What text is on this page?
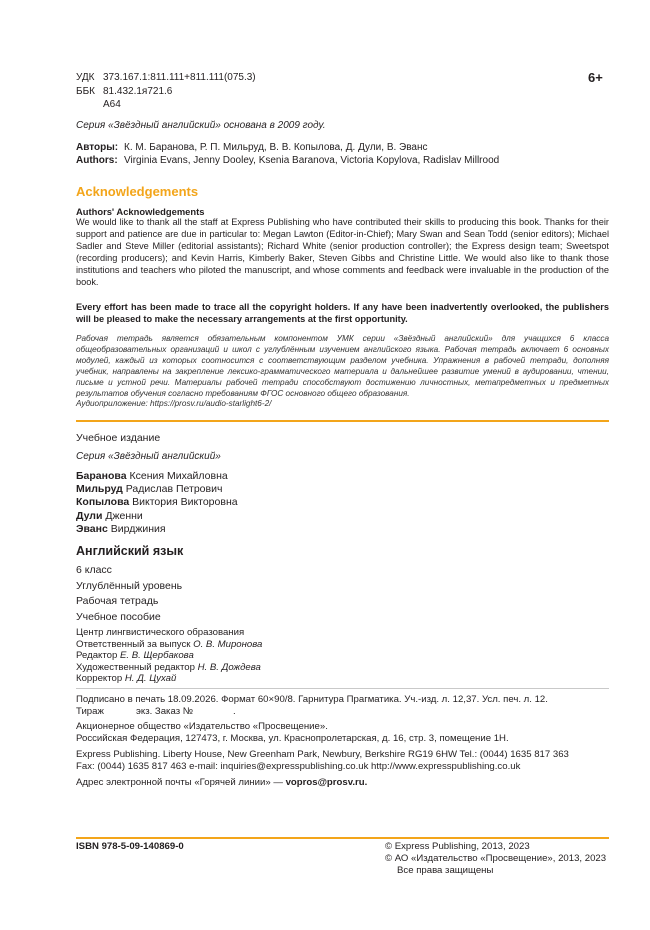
УДК 373.167.1:811.111+811.111(075.3)
ББК 81.432.1я721.6
А64
6+
Серия «Звёздный английский» основана в 2009 году.
Авторы: К. М. Баранова, Р. П. Мильруд, В. В. Копылова, Д. Дули, В. Эванс
Authors: Virginia Evans, Jenny Dooley, Ksenia Baranova, Victoria Kopylova, Radislav Millrood
Acknowledgements
Authors' Acknowledgements
We would like to thank all the staff at Express Publishing who have contributed their skills to producing this book. Thanks for their support and patience are due in particular to: Megan Lawton (Editor-in-Chief); Mary Swan and Sean Todd (senior editors); Michael Sadler and Steve Miller (editorial assistants); Richard White (senior production controller); the Express design team; Sweetspot (recording producers); and Kevin Harris, Kimberly Baker, Steven Gibbs and Christine Little. We would also like to thank those institutions and teachers who piloted the manuscript, and whose comments and feedback were invaluable in the production of the book.
Every effort has been made to trace all the copyright holders. If any have been inadvertently overlooked, the publishers will be pleased to make the necessary arrangements at the first opportunity.
Рабочая тетрадь является обязательным компонентом УМК серии «Звёздный английский» для учащихся 6 класса общеобразовательных организаций и школ с углублённым изучением английского языка. Рабочая тетрадь включает 6 основных модулей, каждый из которых соотносится с соответствующим разделом учебника. Упражнения в рабочей тетради, дополняя учебник, направлены на закрепление лексико-грамматического материала и дальнейшее развитие умений в аудировании, чтении, письме и устной речи. Материалы рабочей тетради способствуют достижению личностных, метапредметных и предметных результатов обучения согласно требованиям ФГОС основного общего образования.
Аудиоприложение: https://prosv.ru/audio-starlight6-2/
Учебное издание
Серия «Звёздный английский»
Баранова Ксения Михайловна
Мильруд Радислав Петрович
Копылова Виктория Викторовна
Дули Дженни
Эванс Вирджиния
Английский язык
6 класс
Углублённый уровень
Рабочая тетрадь
Учебное пособие
Центр лингвистического образования
Ответственный за выпуск О. В. Миронова
Редактор Е. В. Щербакова
Художественный редактор Н. В. Дождева
Корректор Н. Д. Цухай
Подписано в печать 18.09.2026. Формат 60×90/8. Гарнитура Прагматика. Уч.-изд. л. 12,37. Усл. печ. л. 12.
Тираж	экз. Заказ №	.
Акционерное общество «Издательство «Просвещение».
Российская Федерация, 127473, г. Москва, ул. Краснопролетарская, д. 16, стр. 3, помещение 1Н.
Express Publishing. Liberty House, New Greenham Park, Newbury, Berkshire RG19 6HW Tel.: (0044) 1635 817 363
Fax: (0044) 1635 817 463 e-mail: inquiries@expresspublishing.co.uk http://www.expresspublishing.co.uk
Адрес электронной почты «Горячей линии» — vopros@prosv.ru.
ISBN 978-5-09-140869-0	© Express Publishing, 2013, 2023
© АО «Издательство «Просвещение», 2013, 2023
Все права защищены
